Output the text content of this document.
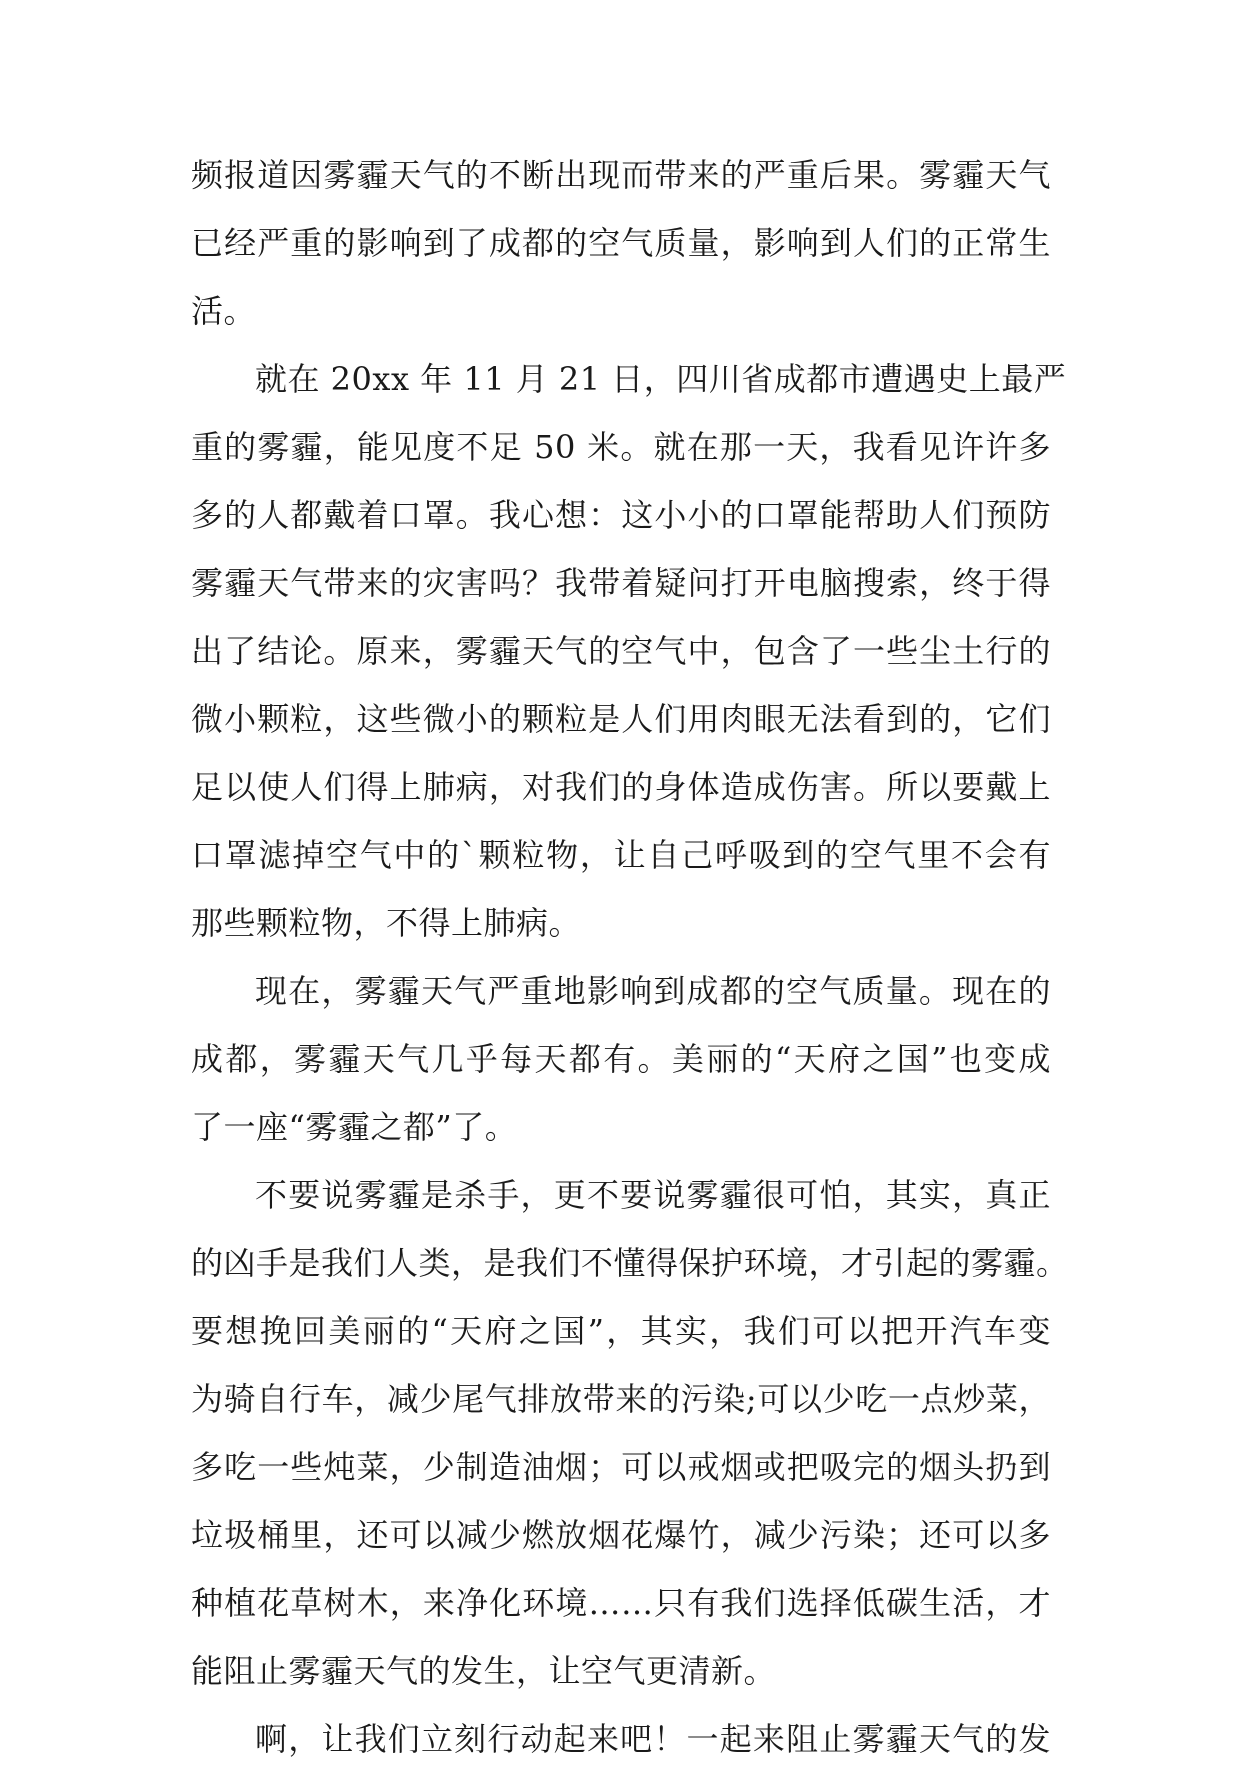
频报道因雾霾天气的不断出现而带来的严重后果。雾霾天气
已经严重的影响到了成都的空气质量，影响到人们的正常生
活。
就在 20xx 年 11 月 21 日，四川省成都市遭遇史上最严
重的雾霾，能见度不足 50 米。就在那一天，我看见许许多
多的人都戴着口罩。我心想：这小小的口罩能帮助人们预防
雾霾天气带来的灾害吗？我带着疑问打开电脑搜索，终于得
出了结论。原来，雾霾天气的空气中，包含了一些尘土行的
微小颗粒，这些微小的颗粒是人们用肉眼无法看到的，它们
足以使人们得上肺病，对我们的身体造成伤害。所以要戴上
口罩滤掉空气中的`颗粒物，让自己呼吸到的空气里不会有
那些颗粒物，不得上肺病。
现在，雾霾天气严重地影响到成都的空气质量。现在的
成都，雾霾天气几乎每天都有。美丽的“天府之国”也变成
了一座“雾霾之都”了。
不要说雾霾是杀手，更不要说雾霾很可怕，其实，真正
的凶手是我们人类，是我们不懂得保护环境，才引起的雾霾。
要想挽回美丽的“天府之国”，其实，我们可以把开汽车变
为骑自行车，减少尾气排放带来的污染;可以少吃一点炒菜，
多吃一些炖菜，少制造油烟；可以戒烟或把吸完的烟头扔到
垃圾桶里，还可以减少燃放烟花爆竹，减少污染；还可以多
种植花草树木，来净化环境……只有我们选择低碳生活，才
能阻止雾霾天气的发生，让空气更清新。
啊，让我们立刻行动起来吧！一起来阻止雾霾天气的发
